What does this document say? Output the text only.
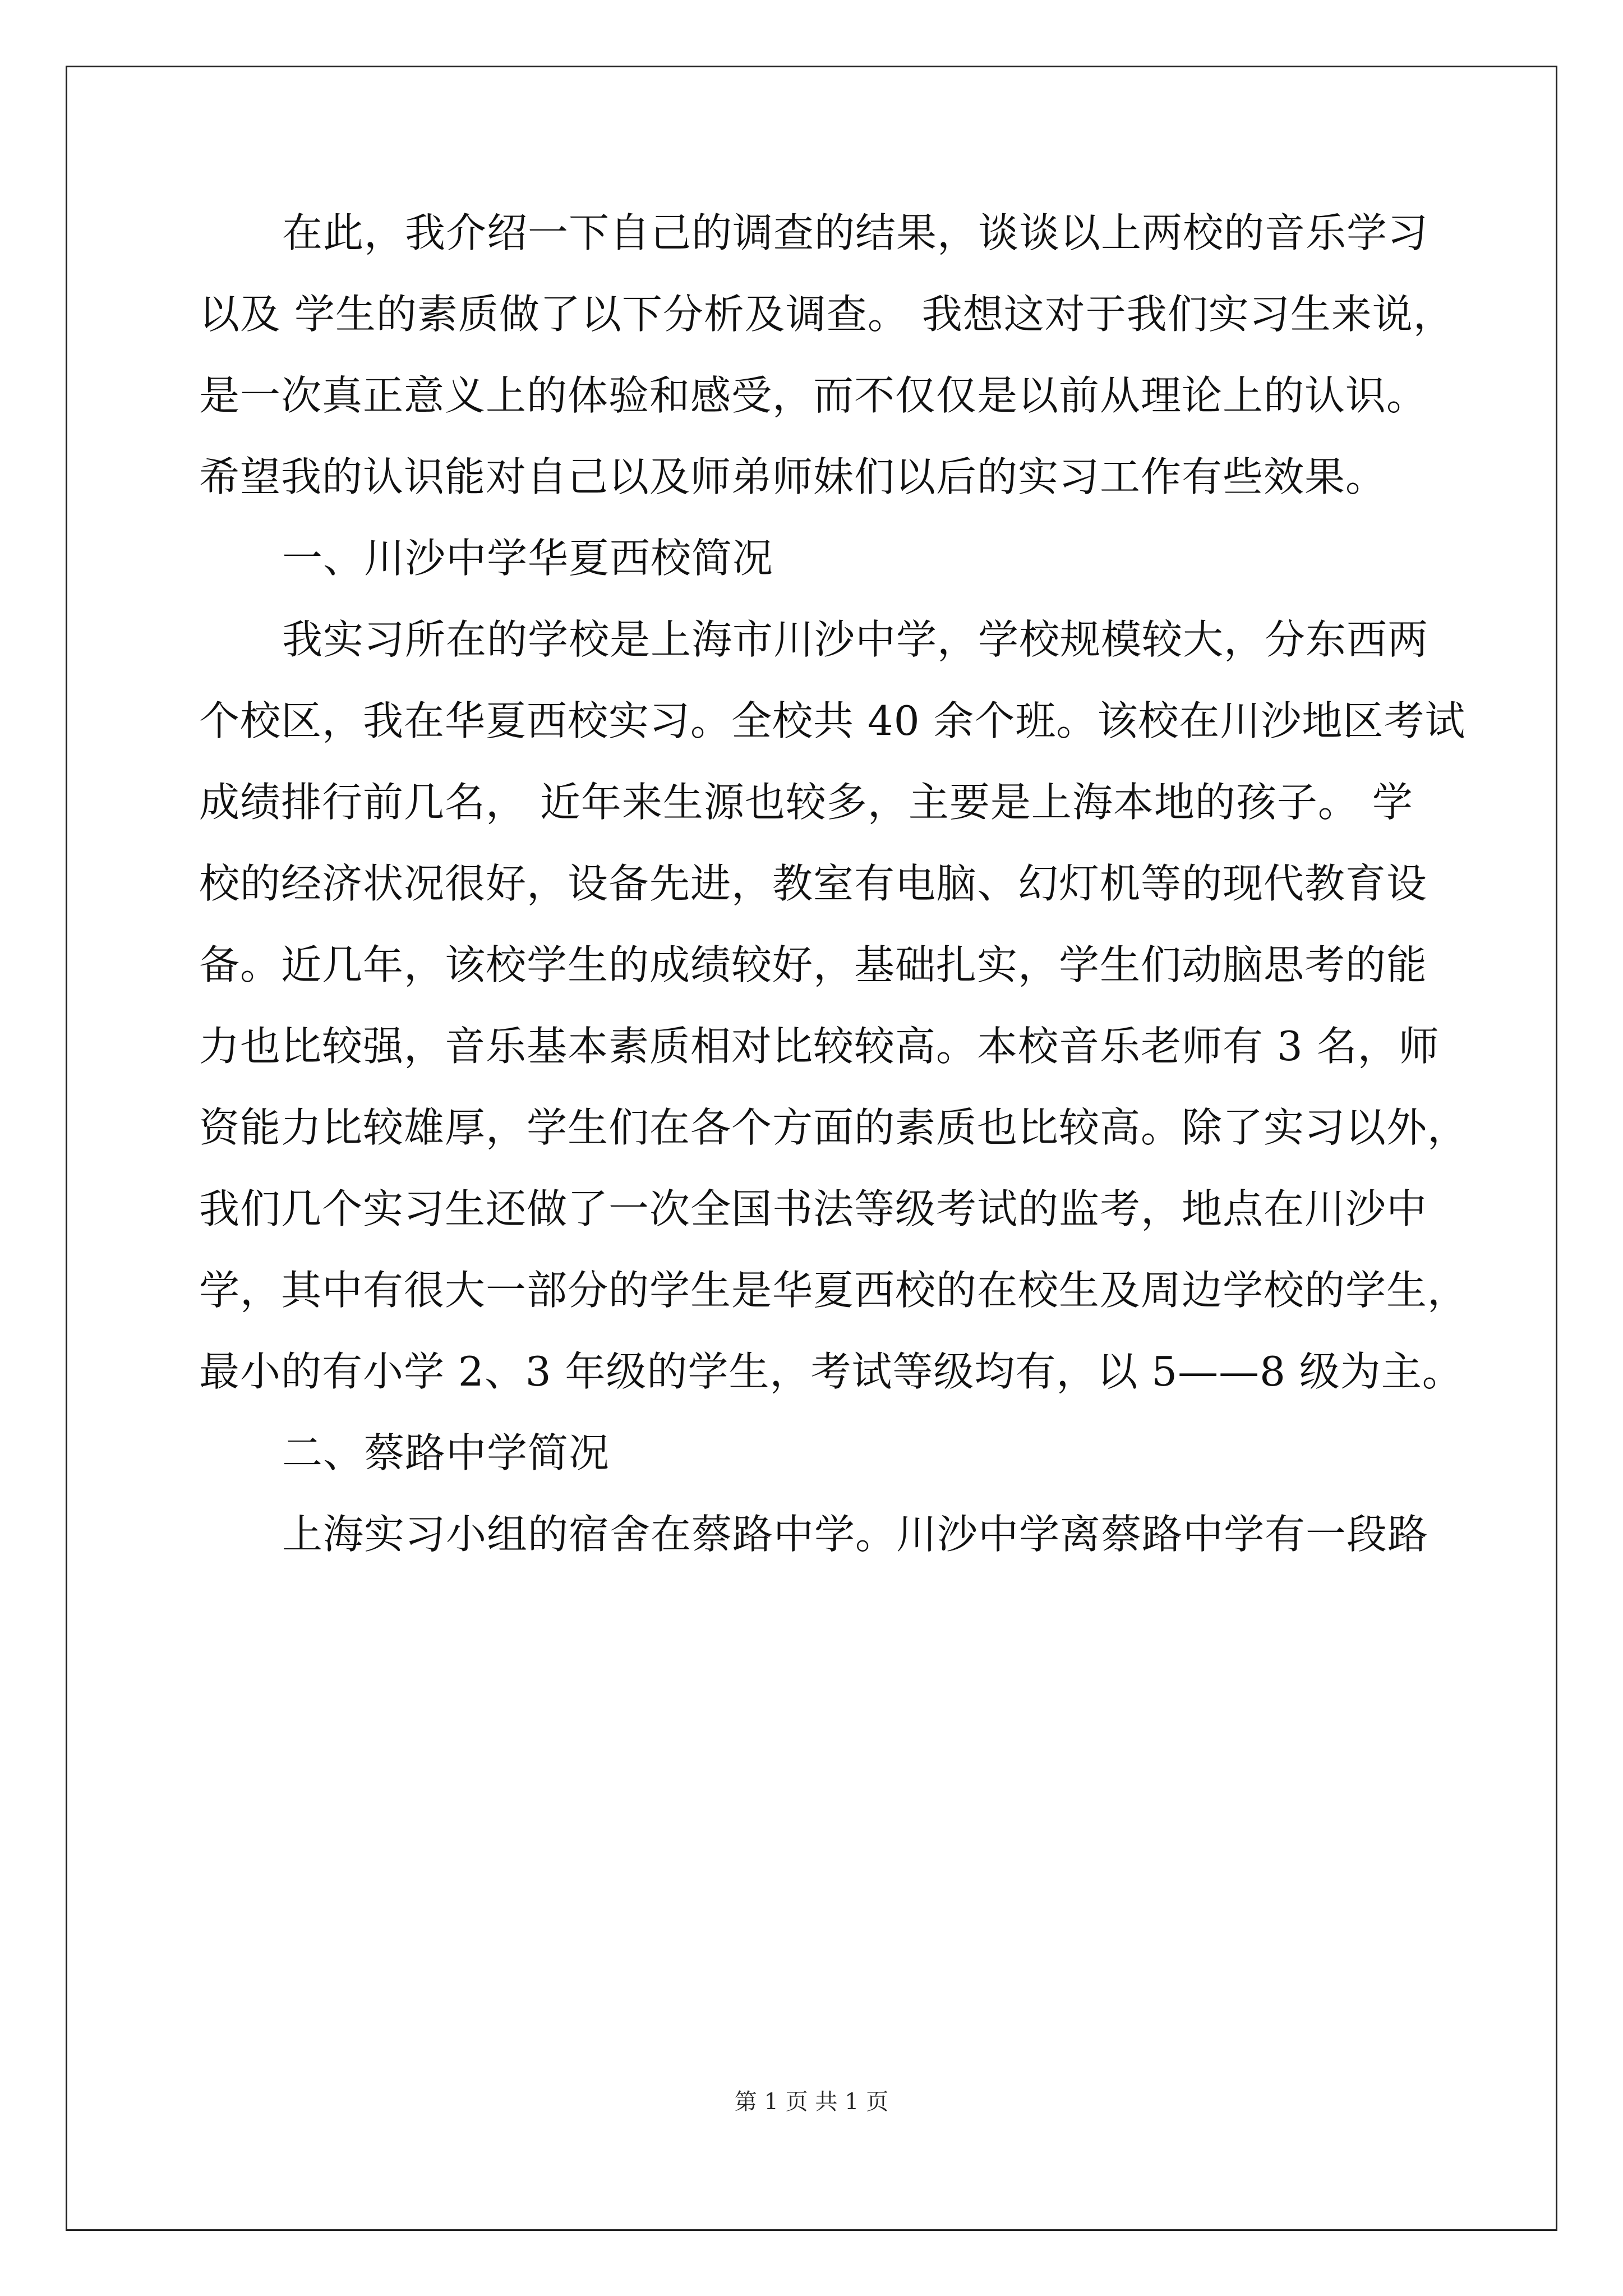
在此，我介绍一下自己的调查的结果，谈谈以上两校的音乐学习
以及 学生的素质做了以下分析及调查。 我想这对于我们实习生来说，
是一次真正意义上的体验和感受，而不仅仅是以前从理论上的认识。
希望我的认识能对自己以及师弟师妹们以后的实习工作有些效果。
一、川沙中学华夏西校简况
我实习所在的学校是上海市川沙中学，学校规模较大，分东西两
个校区，我在华夏西校实习。全校共 40 余个班。该校在川沙地区考试
成绩排行前几名， 近年来生源也较多，主要是上海本地的孩子。 学
校的经济状况很好，设备先进，教室有电脑、幻灯机等的现代教育设
备。近几年，该校学生的成绩较好，基础扎实，学生们动脑思考的能
力也比较强，音乐基本素质相对比较较高。本校音乐老师有 3 名，师
资能力比较雄厚，学生们在各个方面的素质也比较高。除了实习以外，
我们几个实习生还做了一次全国书法等级考试的监考，地点在川沙中
学，其中有很大一部分的学生是华夏西校的在校生及周边学校的学生，
最小的有小学 2、3 年级的学生，考试等级均有，以 5——8 级为主。
二、蔡路中学简况
上海实习小组的宿舍在蔡路中学。川沙中学离蔡路中学有一段路
第 1 页 共 1 页
